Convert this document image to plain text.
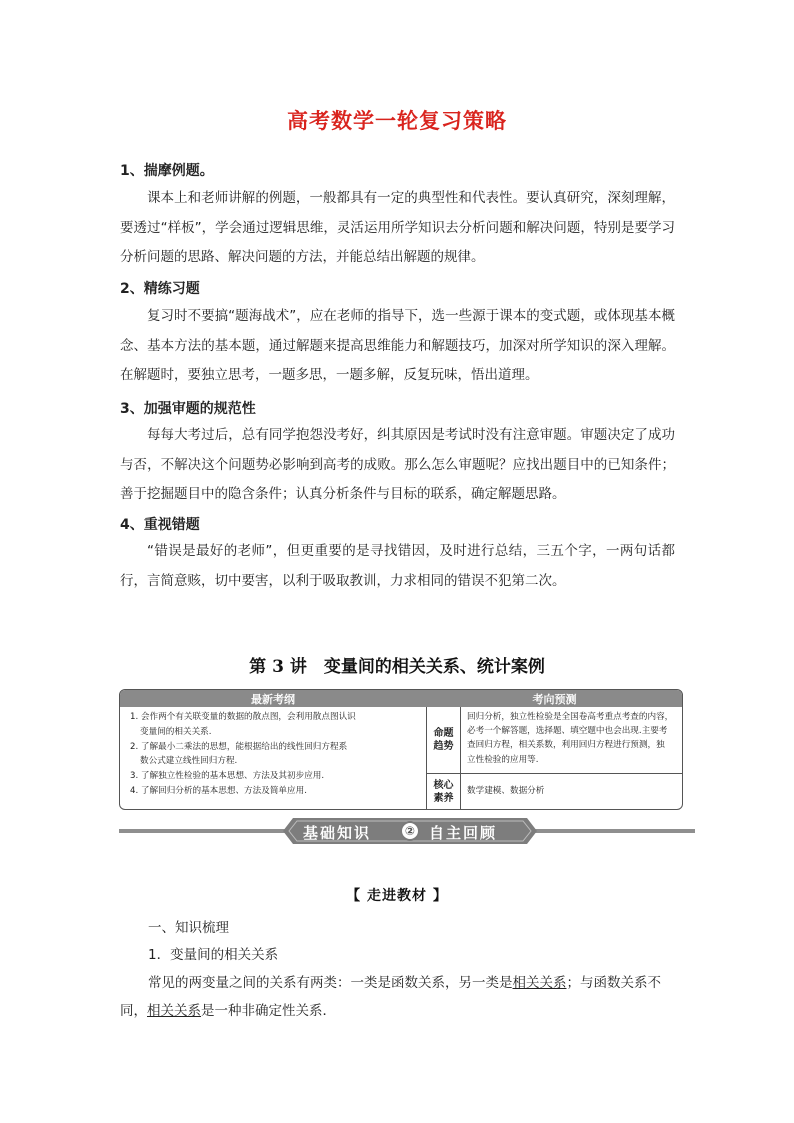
高考数学一轮复习策略
1、揣摩例题。

课本上和老师讲解的例题，一般都具有一定的典型性和代表性。要认真研究，深刻理解，要透过“样板”，学会通过逻辑思维，灵活运用所学知识去分析问题和解决问题，特别是要学习分析问题的思路、解决问题的方法，并能总结出解题的规律。

2、精练习题

复习时不要搞“题海战术”，应在老师的指导下，选一些源于课本的变式题，或体现基本概念、基本方法的基本题，通过解题来提高思维能力和解题技巧，加深对所学知识的深入理解。在解题时，要独立思考，一题多思，一题多解，反复玩味，悟出道理。

3、加强审题的规范性

每每大考过后，总有同学抱怨没考好，纠其原因是考试时没有注意审题。审题决定了成功与否，不解决这个问题势必影响到高考的成败。那么怎么审题呢？应找出题目中的已知条件；善于挖掘题目中的隐含条件；认真分析条件与目标的联系，确定解题思路。

4、重视错题

“错误是最好的老师”，但更重要的是寻找错因，及时进行总结，三五个字，一两句话都行，言简意赅，切中要害，以利于吸取教训，力求相同的错误不犯第二次。

第 3 讲　变量间的相关关系、统计案例
最新考纲	考向预测
1. 会作两个有关联变量的数据的散点图，会利用散点图认识
变量间的相关关系.
2. 了解最小二乘法的思想，能根据给出的线性回归方程系
数公式建立线性回归方程.
3. 了解独立性检验的基本思想、方法及其初步应用.
4. 了解回归分析的基本思想、方法及简单应用.
命题趋势
回归分析，独立性检验是全国卷高考重点考查的内容，
必考一个解答题，选择题、填空题中也会出现.主要考
查回归方程，相关系数，利用回归方程进行预测，独
立性检验的应用等.
核心素养
数学建模、数据分析
基础知识	② 自主回顾
【 走进教材 】
一、知识梳理
1．变量间的相关关系
常见的两变量之间的关系有两类：一类是函数关系，另一类是相关关系；与函数关系不
同，相关关系是一种非确定性关系．
